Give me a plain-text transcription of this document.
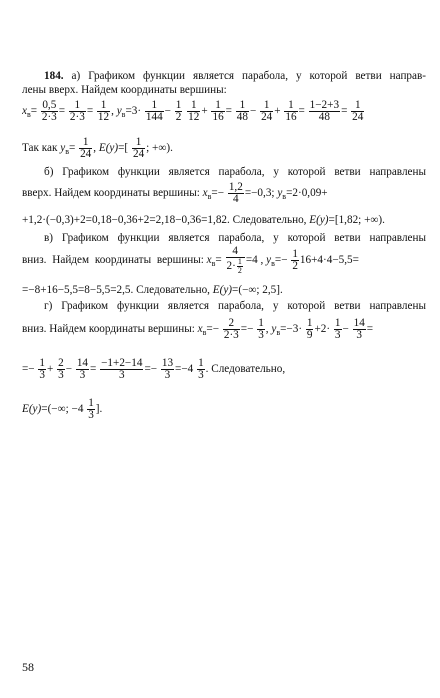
184. а) Графиком функции является парабола, у которой ветви направ-
лены вверх. Найдем координаты вершины:
$x_в= \frac{0,5}{2\cdot 3} = \frac{1}{2\cdot 3} = \frac{1}{12}$ , $y_в=3\cdot \frac{1}{144} - \frac{1}{2}$
$\frac{1}{12} + \frac{1}{16} = \frac{1}{48} - \frac{1}{24} + \frac{1}{16} = \frac{1-2+3}{48} = \frac{1}{24}$
Так как $y_в= \frac{1}{24}$ , $E(y)=[ \frac{1}{24}$ ; +∞).
б) Графиком функции является парабола, у которой ветви направлены
вверх. Найдем координаты вершины: $x_в=- \frac{1,2}{4} =-0,3$; $y_в=2\cdot 0,09+$
+1,2·(−0,3)+2=0,18−0,36+2=2,18−0,36=1,82. Следовательно, E(y)=[1,82; +∞).
в) Графиком функции является парабола, у которой ветви направлены
вниз. Найдем координаты вершины: $x_в= \frac{4}{2\cdot \frac{1}{2}} =4$ , $y_в=- \frac{1}{2} 16+4\cdot 4-5,5=$
=−8+16−5,5=8−5,5=2,5. Следовательно, E(y)=(−∞; 2,5].
г) Графиком функции является парабола, у которой ветви направлены
вниз. Найдем координаты вершины: $x_в=- \frac{2}{2\cdot 3} =- \frac{1}{3}$ , $y_в=-3\cdot \frac{1}{9} +2\cdot \frac{1}{3} - \frac{14}{3}$ =
=− $\frac{1}{3} + \frac{2}{3} - \frac{14}{3} = \frac{-1+2-14}{3} =- \frac{13}{3} =-4 \frac{1}{3}$ . Следовательно,
E(y)=(−∞; $-4 \frac{1}{3}$ ].
58
